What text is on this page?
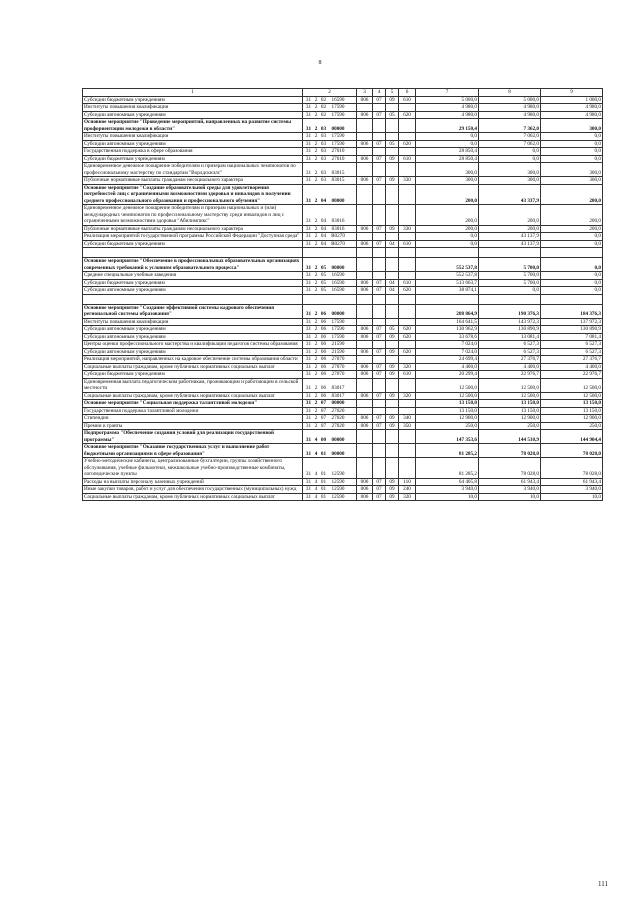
8
1	2	3	4	5	6	7	8	9
Субсидии бюджетным учреждениям	31 2 02 16590	006	07	09	610	5 000,0	5 000,0	1 000,0
Институты повышения квалификации	31 2 02 17590					4 980,0	4 980,0	4 980,0
Субсидии автономным учреждениям	31 2 02 17590	006	07	05	620	4 980,0	4 980,0	4 980,0
Основное мероприятие "Проведение мероприятий, направленных на развитие системы профориентации молодежи в области"	31 2 03 00000					29 150,4	7 362,0	300,0
Институты повышения квалификации	31 2 03 17590					0,0	7 062,0	0,0
Субсидии автономным учреждениям	31 2 03 17590	006	07	05	620	0,0	7 062,0	0,0
Государственная поддержка в сфере образования	31 2 03 27010					28 850,4	0,0	0,0
Субсидии бюджетным учреждениям	31 2 03 27010	006	07	09	610	28 850,4	0,0	0,0
Единовременное денежное поощрение победителям и призерам национальных чемпионатов по профессиональному мастерству по стандартам "Ворлдскиллс"	31 2 03 83015					300,0	300,0	300,0
Публичные нормативные выплаты гражданам несоциального характера	31 2 03 83015	006	07	09	330	300,0	300,0	300,0
Основное мероприятие "Создание образовательной среды для удовлетворения потребностей лиц с ограниченными возможностями здоровья и инвалидов в получении среднего профессионального образования и профессионального обучения"	31 2 04 00000					200,0	43 337,9	200,0
Единовременное денежное поощрение победителям и призерам национальных и (или) международных чемпионатов по профессиональному мастерству среди инвалидов и лиц с ограниченными возможностями здоровья "Абилимпикс"	31 2 04 83016					200,0	200,0	200,0
Публичные нормативные выплаты гражданам несоциального характера	31 2 04 83016	006	07	09	330	200,0	200,0	200,0
Реализация мероприятий государственной программы Российской Федерации "Доступная среда"	31 2 04 R0270					0,0	43 137,9	0,0
Субсидии бюджетным учреждениям	31 2 04 R0270	006	07	04	610	0,0	43 137,9	0,0

Основное мероприятие "Обеспечение в профессиональных образовательных организациях современных требований к условиям образовательного процесса"	31 2 05 00000					552 537,8	5 700,0	0,0
Средние специальные учебные заведения	31 2 05 16590					552 537,8	5 700,0	0,0
Субсидии бюджетным учреждениям	31 2 05 16590	006	07	04	610	513 663,7	5 700,0	0,0
Субсидии автономным учреждениям	31 2 05 16590	006	07	04	620	38 874,1	0,0	0,0

Основное мероприятие "Создание эффективной системы кадрового обеспечения региональной системы образования"	31 2 06 00000					208 864,9	190 376,3	184 376,3
Институты повышения квалификации	31 2 06 17590					164 641,5	143 972,3	137 972,3
Субсидии автономным учреждениям	31 2 06 17590	006	07	05	620	130 962,9	130 890,9	130 890,9
Субсидии автономным учреждениям	31 2 06 17590	006	07	09	620	33 678,6	13 081,4	7 081,4
Центры оценки профессионального мастерства и квалификации педагогов системы образования	31 2 06 21590					7 024,0	6 527,3	6 527,3
Субсидии автономным учреждениям	31 2 06 21590	006	07	09	620	7 024,0	6 527,3	6 527,3
Реализация мероприятий, направленных на кадровое обеспечение системы образования области	31 2 06 27070					24 699,4	27 376,7	27 376,7
Социальные выплаты гражданам, кроме публичных нормативных социальных выплат	31 2 06 27070	006	07	09	320	4 400,0	4 400,0	4 400,0
Субсидии бюджетным учреждениям	31 2 06 27070	006	07	09	610	20 299,4	22 976,7	22 976,7
Единовременная выплата педагогическим работникам, проживающим и работающим в сельской местности	31 2 06 83017					12 500,0	12 500,0	12 500,0
Социальные выплаты гражданам, кроме публичных нормативных социальных выплат	31 2 06 83017	006	07	09	320	12 500,0	12 500,0	12 500,0
Основное мероприятие "Социальная поддержка талантливой молодежи"	31 2 07 00000					13 150,0	13 150,0	13 150,0
Государственная поддержка талантливой молодежи	31 2 07 27020					13 150,0	13 150,0	13 150,0
Стипендии	31 2 07 27020	006	07	09	340	12 900,0	12 900,0	12 900,0
Премии и гранты	31 2 07 27020	006	07	09	350	250,0	250,0	250,0
Подпрограмма "Обеспечение создания условий для реализации государственной программы"	31 4 00 00000					147 353,6	144 510,9	144 904,4
Основное мероприятие "Оказание государственных услуг и выполнение работ бюджетными организациями в сфере образования"	31 4 01 00000					81 285,2	78 028,0	78 028,0
Учебно-методические кабинеты, централизованные бухгалтерии, группы хозяйственного обслуживания, учебные фильмотеки, межшкольные учебно-производственные комбинаты, логопедические пункты	31 4 01 12590					81 285,2	78 028,0	78 028,0
Расходы на выплаты персоналу казенных учреждений	31 4 01 12590	006	07	09	110	64 405,8	61 943,4	61 943,4
Иные закупки товаров, работ и услуг для обеспечения государственных (муниципальных) нужд	31 4 01 12590	006	07	09	240	3 940,0	3 940,0	3 940,0
Социальные выплаты гражданам, кроме публичных нормативных социальных выплат	31 4 01 12590	006	07	09	320	10,0	10,0	10,0
111
